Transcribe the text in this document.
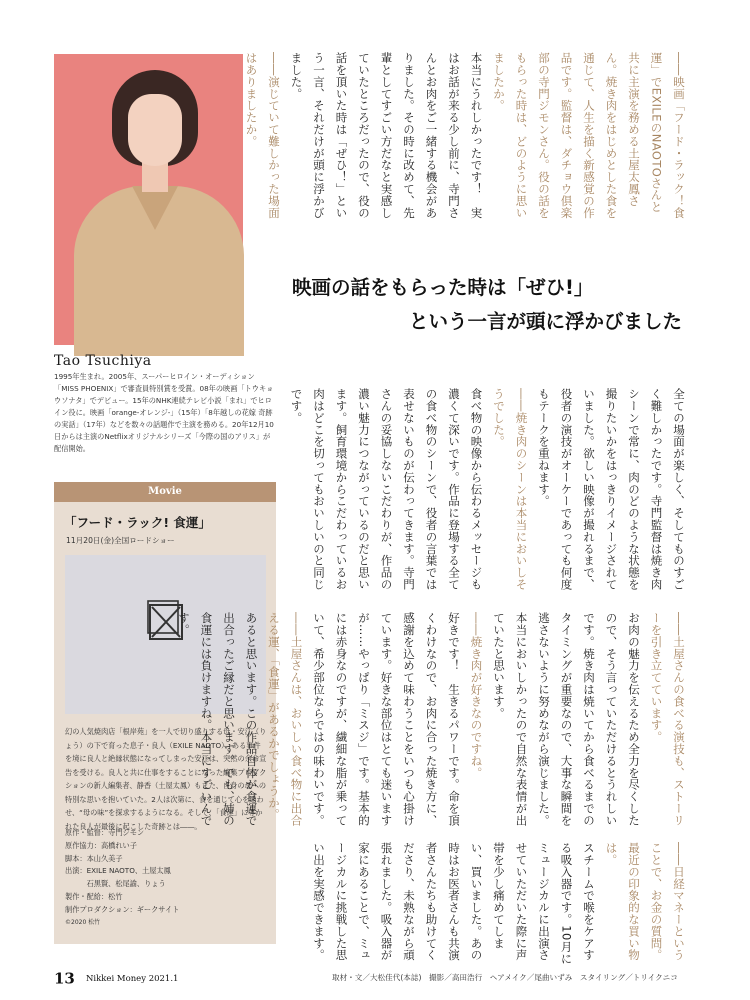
Tao Tsuchiya
1995年生まれ。2005年、スーパーヒロイン・オーディション「MISS PHOENIX」で審査員特別賞を受賞。08年の映画「トウキョウソナタ」でデビュー。15年のNHK連続テレビ小説「まれ」でヒロイン役に。映画「orange-オレンジ-」（15年）「8年越しの花嫁 奇跡の実話」（17年）などを数々の話題作で主演を務める。20年12月10日からは主演のNetflixオリジナルシリーズ「今際の国のアリス」が配信開始。
Movie
「フード・ラック! 食運」
11月20日(金)全国ロードショー
幻の人気焼肉店「根岸苑」を一人で切り盛りする母・安江（りょう）の下で育った息子・良人（EXILE NAOTO）。ある事件を境に良人と絶縁状態になってしまった安江は、突然の余命宣告を受ける。良人と共に仕事をすることになった編集プロダクションの新人編集者、静香（土屋太鳳）もまた、自身の母への特別な思いを抱いていた。2人は次第に、食を通じて心を通わせ、“母の味”を探求するようになる。そして、「食運」に導かれた良人が最後に起こした奇跡とは――。
原作・監督：寺門ジモン
原作協力：高橋れい子
脚本：本山久美子
出演：EXILE NAOTO、土屋太鳳
　　　石黒賢、松尾諭、りょう
製作・配給：松竹
制作プロダクション：ギークサイト
©2020 松竹

――映画「フード・ラック！食運」でEXILEのNAOTOさんと共に主演を務める土屋太鳳さん。焼き肉をはじめとした食を通じて、人生を描く新感覚の作品です。監督は、ダチョウ倶楽部の寺門ジモンさん。役の話をもらった時は、どのように思いましたか。

本当にうれしかったです！　実はお話が来る少し前に、寺門さんとお肉をご一緒する機会がありました。その時に改めて、先輩としてすごい方だなと実感していたところだったので、役の話を頂いた時は「ぜひ！」という一言、それだけが頭に浮かびました。

――演じていて難しかった場面はありましたか。

映画の話をもらった時は「ぜひ!」
という一言が頭に浮かびました

全ての場面が楽しく、そしてものすごく難しかったです。寺門監督は焼き肉シーンで常に、肉のどのような状態を撮りたいかをはっきりイメージされていました。欲しい映像が撮れるまで、役者の演技がオーケーであっても何度もテークを重ねます。

――焼き肉のシーンは本当においしそうでした。

食べ物の映像から伝わるメッセージも濃くて深いです。作品に登場する全ての食べ物のシーンで、役者の言葉では表せないものが伝わってきます。寺門さんの妥協しないこだわりが、作品の濃い魅力につながっているのだと思います。飼育環境からこだわっているお肉はどこを切ってもおいしいのと同じです。

――土屋さんの食べる演技も、ストーリーを引き立てています。

お肉の魅力を伝えるため全力を尽くしたので、そう言っていただけるとうれしいです。焼き肉は焼いてから食べるまでのタイミングが重要なので、大事な瞬間を逃さないように努めながら演じました。本当においしかったので自然な表情が出ていたと思います。

――焼き肉が好きなのですね。

好きです！　生きるパワーです。命を頂くわけなので、お肉に合った焼き方に、感謝を込めて味わうことをいつも心掛けています。好きな部位はとても迷いますが……やっぱり「ミスジ」です。基本的には赤身なのですが、繊細な脂が乗っていて、希少部位ならではの味わいです。

――土屋さんは、おいしい食べ物に出合える運、「食運」があるかでしょうか。

あると思います。この作品自体が食運で出合ったご縁だと思います。でも、姉の食運には負けますね。本当にすごいんです。

――日経マネーということで、お金の質問。最近の印象的な買い物は。

スチームで喉をケアする吸入器です。10月にミュージカルに出演させていただいた際に声帯を少し痛めてしまい、買いました。あの時はお医者さんも共演者さんたちも助けてくださり、未熟ながら頑張れました。吸入器が家にあることで、ミュージカルに挑戦した思い出を実感できます。

13 Nikkei Money 2021.1	取材・文／大松佳代(本誌)　撮影／高田浩行　ヘアメイク／尾曲いずみ　スタイリング／トリイクニコ
